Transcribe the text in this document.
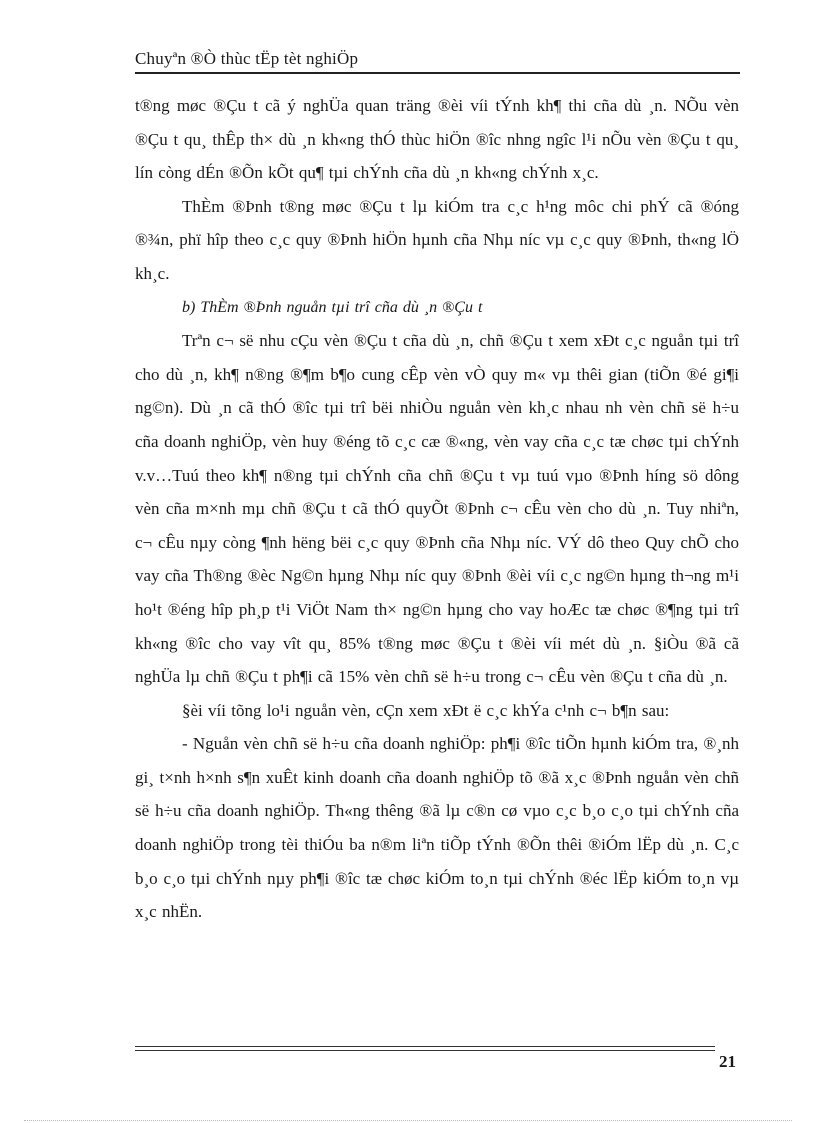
Chuyªn ®Ò thùc tËp tèt nghiÖp

t®ng møc ®Çu t cã ý nghÜa quan träng ®èi víi tÝnh kh¶ thi cña dù ¸n. NÕu vèn ®Çu t qu¸ thÊp th× dù ¸n kh«ng thÓ thùc hiÖn ®îc nhng ngîc l¹i nÕu vèn ®Çu t qu¸ lín còng dÉn ®Õn kÕt qu¶ tµi chÝnh cña dù ¸n kh«ng chÝnh x¸c.

ThÈm ®Þnh t®ng møc ®Çu t lµ kiÓm tra c¸c h¹ng môc chi phÝ cã ®óng ®¾n, phï hîp theo c¸c quy ®Þnh hiÖn hµnh cña Nhµ níc vµ c¸c quy ®Þnh, th«ng lÖ kh¸c.

b) ThÈm ®Þnh nguån tµi trî cña dù ¸n ®Çu t

Trªn c¬ së nhu cÇu vèn ®Çu t cña dù ¸n, chñ ®Çu t xem xÐt c¸c nguån tµi trî cho dù ¸n, kh¶ n®ng ®¶m b¶o cung cÊp vèn vÒ quy m« vµ thêi gian (tiÕn ®é gi¶i ng©n). Dù ¸n cã thÓ ®îc tµi trî bëi nhiÒu nguån vèn kh¸c nhau nh vèn chñ së h÷u cña doanh nghiÖp, vèn huy ®éng tõ c¸c cæ ®«ng, vèn vay cña c¸c tæ chøc tµi chÝnh v.v…Tuú theo kh¶ n®ng tµi chÝnh cña chñ ®Çu t vµ tuú vµo ®Þnh híng sö dông vèn cña m×nh mµ chñ ®Çu t cã thÓ quyÕt ®Þnh c¬ cÊu vèn cho dù ¸n. Tuy nhiªn, c¬ cÊu nµy còng ¶nh hëng bëi c¸c quy ®Þnh cña Nhµ níc. VÝ dô theo Quy chÕ cho vay cña Th®ng ®èc Ng©n hµng Nhµ níc quy ®Þnh ®èi víi c¸c ng©n hµng th¬ng m¹i ho¹t ®éng hîp ph¸p t¹i ViÖt Nam th× ng©n hµng cho vay hoÆc tæ chøc ®¶ng tµi trî kh«ng ®îc cho vay vît qu¸ 85% t®ng møc ®Çu t ®èi víi mét dù ¸n. §iÒu ®ã cã nghÜa lµ chñ ®Çu t ph¶i cã 15% vèn chñ së h÷u trong c¬ cÊu vèn ®Çu t cña dù ¸n.

§èi víi tõng lo¹i nguån vèn, cÇn xem xÐt ë c¸c khÝa c¹nh c¬ b¶n sau:

- Nguån vèn chñ së h÷u cña doanh nghiÖp: ph¶i ®îc tiÕn hµnh kiÓm tra, ®¸nh gi¸ t×nh h×nh s¶n xuÊt kinh doanh cña doanh nghiÖp tõ ®ã x¸c ®Þnh nguån vèn chñ së h÷u cña doanh nghiÖp. Th«ng thêng ®ã lµ c®n cø vµo c¸c b¸o c¸o tµi chÝnh cña doanh nghiÖp trong tèi thiÓu ba n®m liªn tiÕp tÝnh ®Õn thêi ®iÓm lËp dù ¸n. C¸c b¸o c¸o tµi chÝnh nµy ph¶i ®îc tæ chøc kiÓm to¸n tµi chÝnh ®éc lËp kiÓm to¸n vµ x¸c nhËn.

21
